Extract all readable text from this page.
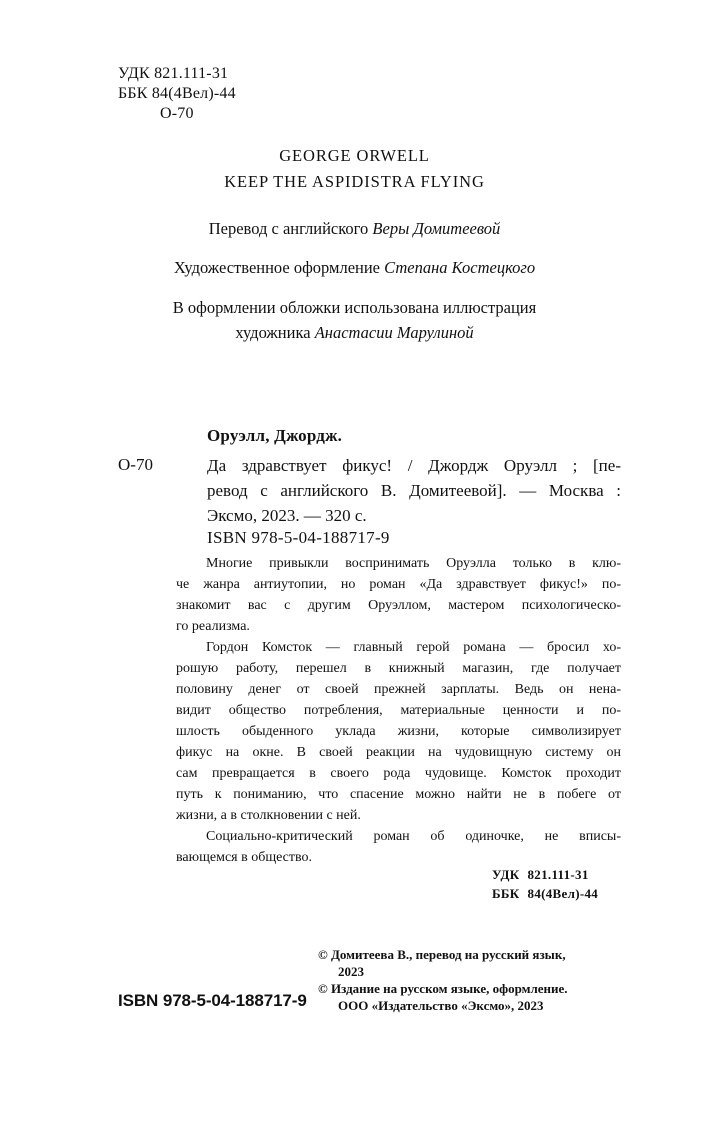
УДК 821.111-31
ББК 84(4Вел)-44
О-70
GEORGE ORWELL
KEEP THE ASPIDISTRA FLYING
Перевод с английского Веры Домитеевой
Художественное оформление Степана Костецкого
В оформлении обложки использована иллюстрация
художника Анастасии Марулиной
Оруэлл, Джордж.
О-70	Да здравствует фикус! / Джордж Оруэлл ; [пе-
ревод с английского В. Домитеевой]. — Москва :
Эксмо, 2023. — 320 с.
ISBN 978-5-04-188717-9
Многие привыкли воспринимать Оруэлла только в клю-
че жанра антиутопии, но роман «Да здравствует фикус!» по-
знакомит вас с другим Оруэллом, мастером психологическо-
го реализма.
Гордон Комсток — главный герой романа — бросил хо-
рошую работу, перешел в книжный магазин, где получает
половину денег от своей прежней зарплаты. Ведь он нена-
видит общество потребления, материальные ценности и по-
шлость обыденного уклада жизни, которые символизирует
фикус на окне. В своей реакции на чудовищную систему он
сам превращается в своего рода чудовище. Комсток проходит
путь к пониманию, что спасение можно найти не в побеге от
жизни, а в столкновении с ней.
Социально-критический роман об одиночке, не вписы-
вающемся в общество.
УДК 821.111-31
ББК 84(4Вел)-44
© Домитеева В., перевод на русский язык,
2023
© Издание на русском языке, оформление.
ООО «Издательство «Эксмо», 2023
ISBN 978-5-04-188717-9
